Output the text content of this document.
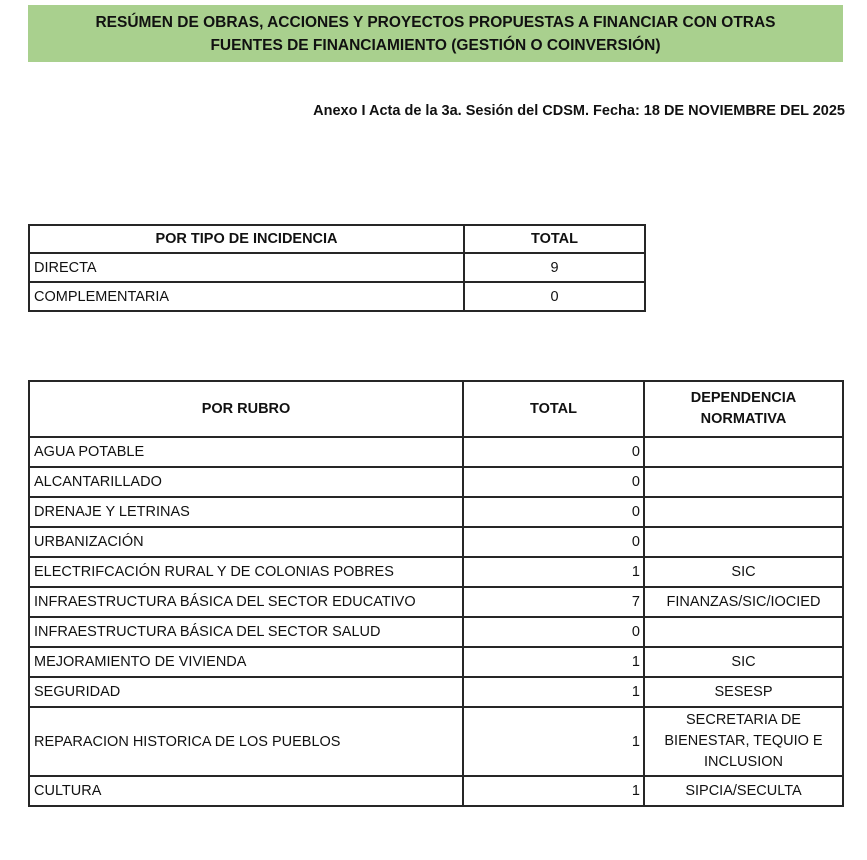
RESÚMEN DE OBRAS, ACCIONES Y PROYECTOS PROPUESTAS A FINANCIAR CON OTRAS FUENTES DE FINANCIAMIENTO (GESTIÓN O COINVERSIÓN)
Anexo I Acta de la 3a. Sesión del CDSM. Fecha: 18 DE NOVIEMBRE DEL 2025
POR TIPO DE INCIDENCIA	TOTAL
DIRECTA	9
COMPLEMENTARIA	0
POR RUBRO	TOTAL	DEPENDENCIA NORMATIVA
AGUA POTABLE	0	
ALCANTARILLADO	0	
DRENAJE Y LETRINAS	0	
URBANIZACIÓN	0	
ELECTRIFCACIÓN RURAL Y DE COLONIAS POBRES	1	SIC
INFRAESTRUCTURA BÁSICA DEL SECTOR EDUCATIVO	7	FINANZAS/SIC/IOCIED
INFRAESTRUCTURA BÁSICA DEL SECTOR SALUD	0	
MEJORAMIENTO DE VIVIENDA	1	SIC
SEGURIDAD	1	SESESP
REPARACION HISTORICA DE LOS PUEBLOS	1	SECRETARIA DE BIENESTAR, TEQUIO E INCLUSION
CULTURA	1	SIPCIA/SECULTA
